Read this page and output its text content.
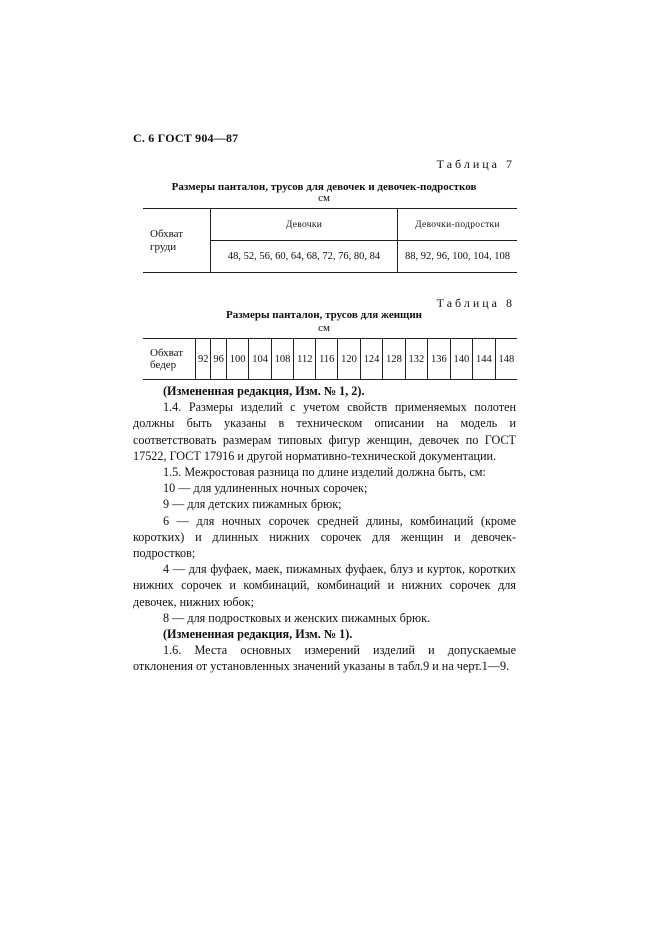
С. 6 ГОСТ 904—87
Таблица 7
Размеры панталон, трусов для девочек и девочек-подростков
см
Обхват
груди	Девочки	Девочки-подростки
	48, 52, 56, 60, 64, 68, 72, 76, 80, 84	88, 92, 96, 100, 104, 108
Таблица 8
Размеры панталон, трусов для женщин
см
Обхват
бедер	92	96	100	104	108	112	116	120	124	128	132	136	140	144	148

(Измененная редакция, Изм. № 1, 2).

1.4. Размеры изделий с учетом свойств применяемых полотен должны быть указаны в техническом описании на модель и соответствовать размерам типовых фигур женщин, девочек по ГОСТ 17522, ГОСТ 17916 и другой нормативно-технической документации.

1.5. Межростовая разница по длине изделий должна быть, см:

10 — для удлиненных ночных сорочек;

9 — для детских пижамных брюк;

6 — для ночных сорочек средней длины, комбинаций (кроме коротких) и длинных нижних сорочек для женщин и девочек-подростков;

4 — для фуфаек, маек, пижамных фуфаек, блуз и курток, коротких нижних сорочек и комбинаций, комбинаций и нижних сорочек для девочек, нижних юбок;

8 — для подростковых и женских пижамных брюк.

(Измененная редакция, Изм. № 1).

1.6. Места основных измерений изделий и допускаемые отклонения от установленных значений указаны в табл.9 и на черт.1—9.
